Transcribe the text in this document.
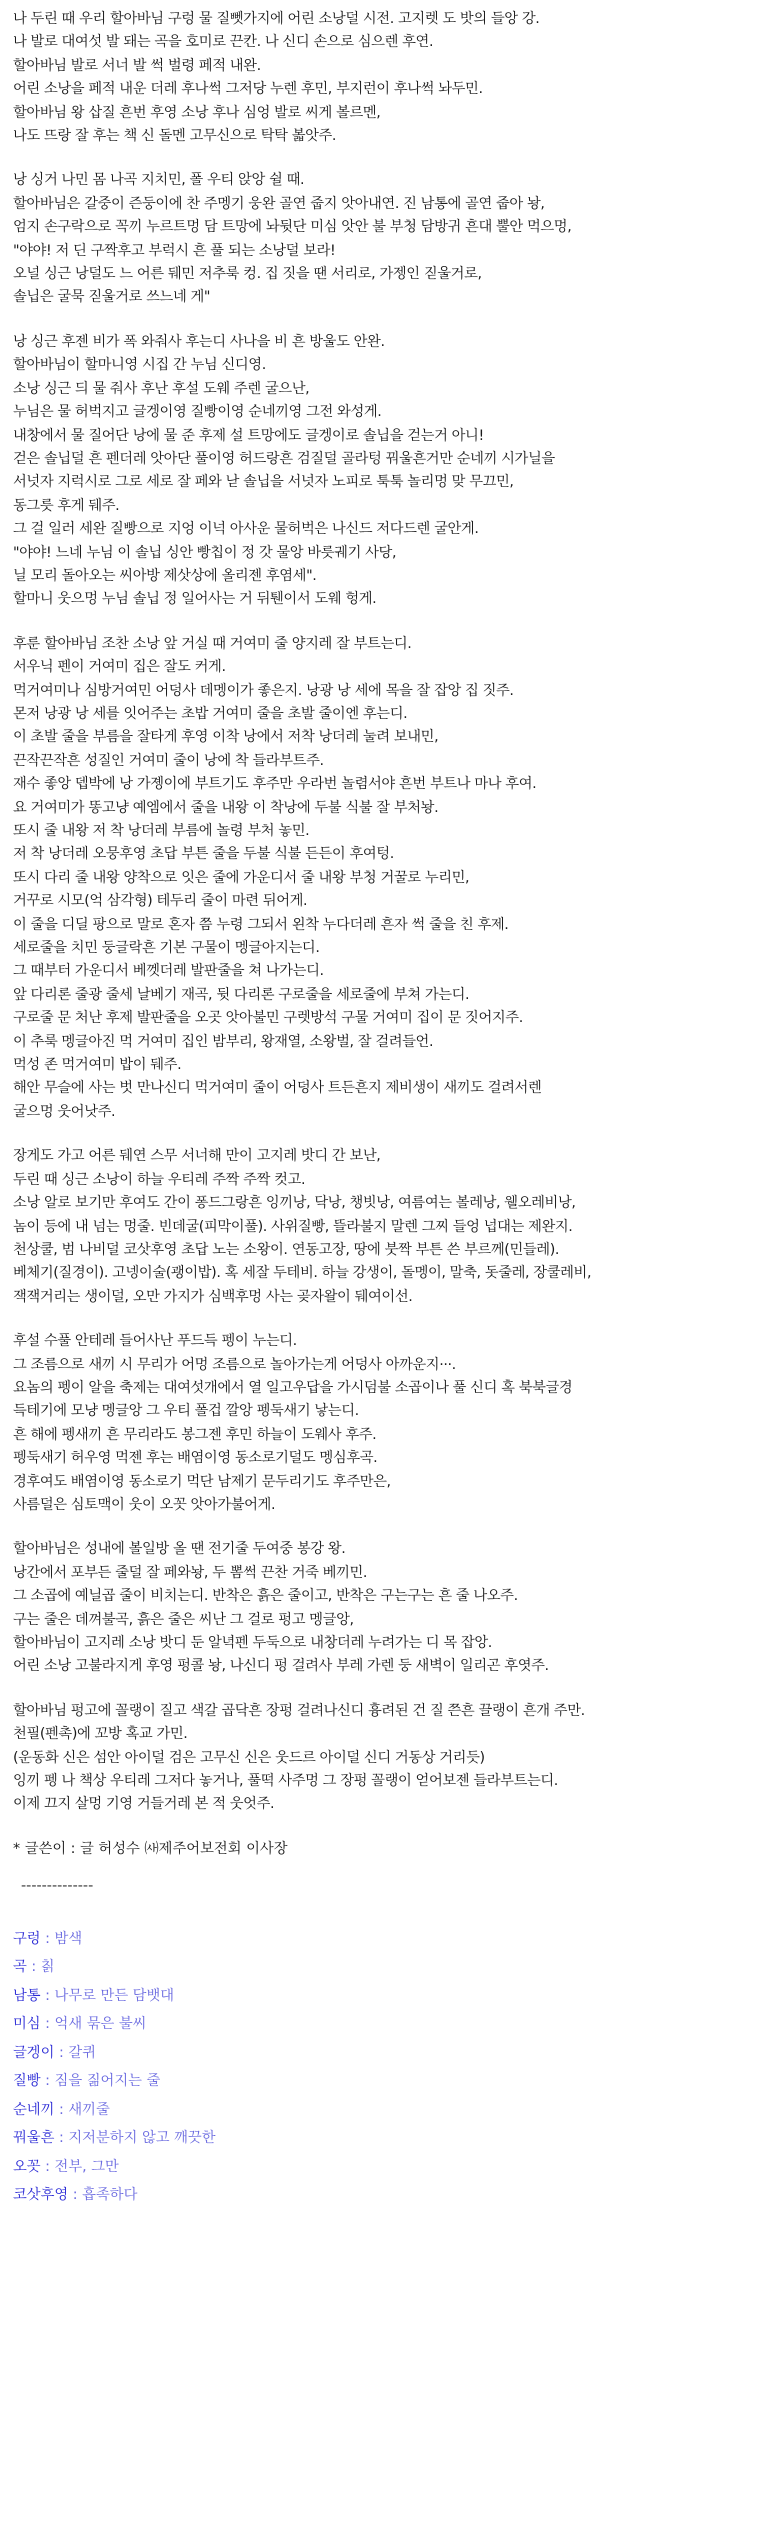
나 두린 때 우리 할아바님 구렁 물 질뻿가지에 어린 소낭덜 시전. 고지렛 도 밧의 들앙 강.
나 발로 대여섯 발 돼는 곡을 호미로 끈칸. 나 신디 손으로 심으렌 후연.
할아바님 발로 서너 발 썩 벌령 페적 내완.
어린 소낭을 페적 내운 더레 후나썩 그저당 누렌 후민, 부지런이 후나썩 놔두민.
할아바님 왕 삽질 흔번 후영 소낭 후나 심엉 발로 씨게 볼르멘,
나도 뜨랑 잘 후는 책 신 돌멘 고무신으로 탁탁 볿앗주.
낭 싱거 나민 몸 나곡 지치민, 폴 우티 앉앙 쉴 때.
할아바님은 갈중이 즌둥이에 찬 주멩기 웅완 골연 줍지 앗아내연. 진 남통에 골연 줍아 놩,
엄지 손구락으로 꼭끼 누르트멍 담 트망에 놔뒷단 미심 앗안 불 부청 담방귀 흔대 뿔안 먹으멍,
"야야! 저 딘 구짝후고 부럭시 흔 풀 되는 소낭덜 보라!
오널 싱근 낭덜도 느 어른 뒈민 저추룩 컹. 집 짓을 땐 서리로, 가젱인 짇울거로,
솔닙은 굴묵 짇울거로 쓰느네 게"
낭 싱근 후젠 비가 폭 와줘사 후는디 사나을 비 흔 방울도 안완.
할아바님이 할마니영 시집 간 누님 신디영.
소낭 싱근 듸 물 줘사 후난 후설 도웨 주렌 굴으난,
누님은 물 허벅지고 글겡이영 질빵이영 순네끼영 그전 와성게.
내창에서 물 질어단 낭에 물 준 후제 설 트망에도 글겡이로 솔닙을 걷는거 아니!
걷은 솔닙덜 흔 펜더레 앗아단 풀이영 허드랑흔 검질덜 골라텅 꿔울흔거만 순네끼 시가닐을
서넛자 지럭시로 그로 세로 잘 페와 낟 솔닙을 서넛자 노피로 툭툭 놀리멍 맞 무끄민,
동그릇 후게 뒈주.
그 걸 일러 세완 질빵으로 지엉 이넉 아사운 물허벅은 나신드 저다드렌 굴안게.
"야야! 느네 누님 이 솔닙 싱안 빵칩이 정 갓 물앙 바릇궤기 사당,
닐 모리 돌아오는 씨아방 제삿상에 올리젠 후염세".
할마니 웃으멍 누님 솔닙 정 일어사는 거 뒤퉨이서 도웨 헝게.
후룬 할아바님 조찬 소낭 앞 거실 때 거여미 줄 양지레 잘 부트는디.
서우닉 펜이 거여미 집은 잘도 커게.
먹거여미나 심방거여민 어덩사 데멩이가 좋은지. 낭광 낭 세에 목을 잘 잡앙 집 짓주.
몬저 낭광 낭 세를 잇어주는 초밥 거여미 줄을 초발 줄이엔 후는디.
이 초발 줄을 부름을 잘타게 후영 이착 낭에서 저착 낭더레 눌려 보내민,
끈작끈작흔 성질인 거여미 줄이 낭에 착 들라부트주.
재수 좋앙 뎁박에 낭 가졩이에 부트기도 후주만 우라번 놀렴서야 흔번 부트나 마나 후여.
요 거여미가 똥고냥 예엠에서 줄을 내왕 이 착낭에 두불 식불 잘 부처놩.
또시 줄 내왕 저 착 낭더레 부름에 놀령 부처 놓민.
저 착 낭더레 오뭉후영 초답 부튼 줄을 두불 식불 든든이 후여텅.
또시 다리 줄 내왕 양착으로 잇은 줄에 가운디서 줄 내왕 부청 거꿀로 누리민,
거꾸로 시모(억 삼각형) 테두리 줄이 마련 뒤어게.
이 줄을 디딜 팡으로 말로 혼자 쯤 누령 그되서 왼착 누다더레 흔자 썩 줄을 친 후제.
세로줄을 치민 둥글락흔 기본 구물이 멩글아지는디.
그 때부터 가운디서 베껫더레 발판줄을 쳐 나가는디.
앞 다리론 줄광 줄세 날베기 재곡, 뒷 다리론 구로줄을 세로줄에 부쳐 가는디.
구로줄 문 처난 후제 발판줄을 오곳 앗아불민 구렛방석 구물 거여미 집이 문 짓어지주.
이 추룩 멩글아진 먹 거여미 집인 밤부리, 왕재열, 소왕벌, 잘 걸려들언.
먹성 존 먹거여미 밥이 뒈주.
해안 무슬에 사는 벗 만나신디 먹거여미 줄이 어덩사 트든흔지 제비생이 새끼도 걸려서렌
굴으멍 웃어낫주.
장게도 가고 어른 뒈연 스무 서너해 만이 고지레 밧디 간 보난,
두린 때 싱근 소낭이 하늘 우티레 주짝 주짝 컷고.
소낭 알로 보기만 후여도 간이 퐁드그랑흔 잉끼낭, 닥낭, 챙빗낭, 여름여는 볼레낭, 웰오레비낭,
놈이 등에 내 넘는 멍줄. 빈데굴(피막이풀). 사위질빵, 뜰라불지 말렌 그찌 들엉 넙대는 제완지.
천상쿨, 범 나비덜 코삿후영 초답 노는 소왕이. 연동고장, 땅에 붓짝 부튼 쓴 부르께(민들레).
베체기(질경이). 고넹이술(괭이밥). 혹 세잘 두테비. 하늘 강생이, 돌멩이, 말축, 돗줄레, 장쿨레비,
잭잭거리는 생이덜, 오만 가지가 심백후멍 사는 곶자왈이 뒈여이선.
후설 수풀 안테레 들어사난 푸드득 펭이 누는디.
그 조름으로 새끼 시 무리가 어멍 조름으로 놀아가는게 어덩사 아까운지···.
요놈의 펭이 알을 축제는 대여섯개에서 열 일고우답을 가시덤불 소곱이나 풀 신디 혹 북북글경
득테기에 모냥 멩글앙 그 우티 폴겁 깔앙 펭둑새기 낳는디.
흔 해에 펭새끼 흔 무리라도 봉그젠 후민 하늘이 도웨사 후주.
펭둑새기 허우영 먹젠 후는 배염이영 동소로기덜도 멩심후곡.
경후여도 배염이영 동소로기 먹단 남제기 문두리기도 후주만은,
사름덜은 심토맥이 웃이 오꼿 앗아가불어게.
할아바님은 성내에 볼일방 올 땐 전기줄 두여중 봉강 왕.
낭간에서 포부든 줄덜 잘 페와놩, 두 뽐썩 끈찬 거죽 베끼민.
그 소곱에 예닐곱 줄이 비치는디. 반착은 흙은 줄이고, 반착은 구는구는 흔 줄 나오주.
구는 줄은 데껴불곡, 흙은 줄은 씨난 그 걸로 펑고 멩글앙,
할아바님이 고지레 소낭 밧디 둔 알녁펜 두둑으로 내창더레 누려가는 디 목 잡앙.
어린 소낭 고불라지게 후영 펑콜 놩, 나신디 펑 걸려사 부레 가렌 둥 새벽이 일리곤 후엿주.
할아바님 펑고에 꼴랭이 질고 색갈 곱닥흔 장펑 걸려나신디 흉려된 건 질 쯘흔 끌랭이 흔개 주만.
천필(펜촉)에 꼬방 혹교 가민.
(운동화 신은 섬안 아이덜 검은 고무신 신은 웃드르 아이덜 신디 거동상 거리듯)
잉끼 펭 나 책상 우티레 그저다 놓거나, 풀떡 사주멍 그 장펑 꼴랭이 얻어보젠 들라부트는디.
이제 끄지 살멍 기영 거들거레 본 적 웃엇주.
* 글쓴이 : 글 허성수 ㈔제주어보전회 이사장
--------------
구렁 : 밤색
곡 : 칡
남통 : 나무로 만든 담뱃대
미심 : 억새 묶은 불씨
글겡이 : 갈퀴
질빵 : 짐을 짊어지는 줄
순네끼 : 새끼줄
꿔울흔 : 지저분하지 않고 깨끗한
오꼿 : 전부, 그만
코삿후영 : 흡족하다
